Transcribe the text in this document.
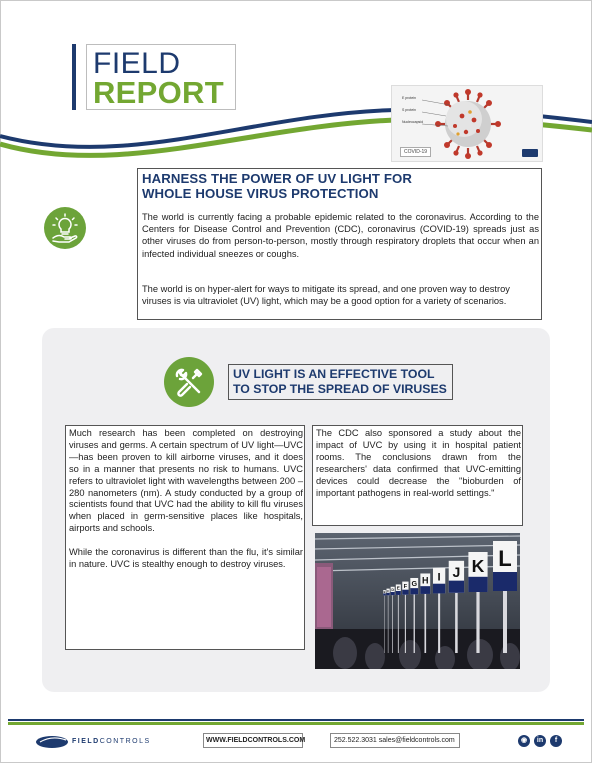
FIELD
REPORT	E protein
S protein
Nucleocapsid
COVID-19
HARNESS THE POWER OF UV LIGHT FOR
WHOLE HOUSE VIRUS PROTECTION
The world is currently facing a probable epidemic related to the coronavirus. According to the Centers for Disease Control and Prevention (CDC), coronavirus (COVID-19) spreads just as other viruses do from person-to-person, mostly through respiratory droplets that occur when an infected individual sneezes or coughs.
The world is on hyper-alert for ways to mitigate its spread, and one proven way to destroy viruses is via ultraviolet (UV) light, which may be a good option for a variety of scenarios.
UV LIGHT IS AN EFFECTIVE TOOL
TO STOP THE SPREAD OF VIRUSES

Much research has been completed on destroying viruses and germs. A certain spectrum of UV light—UVC—has been proven to kill airborne viruses, and it does so in a manner that presents no risk to humans. UVC refers to ultraviolet light with wavelengths between 200 – 280 nanometers (nm). A study conducted by a group of scientists found that UVC had the ability to kill flu viruses when placed in germ-sensitive places like hospitals, airports and schools.

While the coronavirus is different than the flu, it's similar in nature. UVC is stealthy enough to destroy viruses.

The CDC also sponsored a study about the impact of UVC by using it in hospital patient rooms. The conclusions drawn from the researchers' data confirmed that UVC-emitting devices could decrease the "bioburden of important pathogens in real-world settings."
L
K
J
I
H
G
F
E
D
C
B
FIELDCONTROLS	WWW.FIELDCONTROLS.COM	252.522.3031 sales@fieldcontrols.com	◉	in	f
